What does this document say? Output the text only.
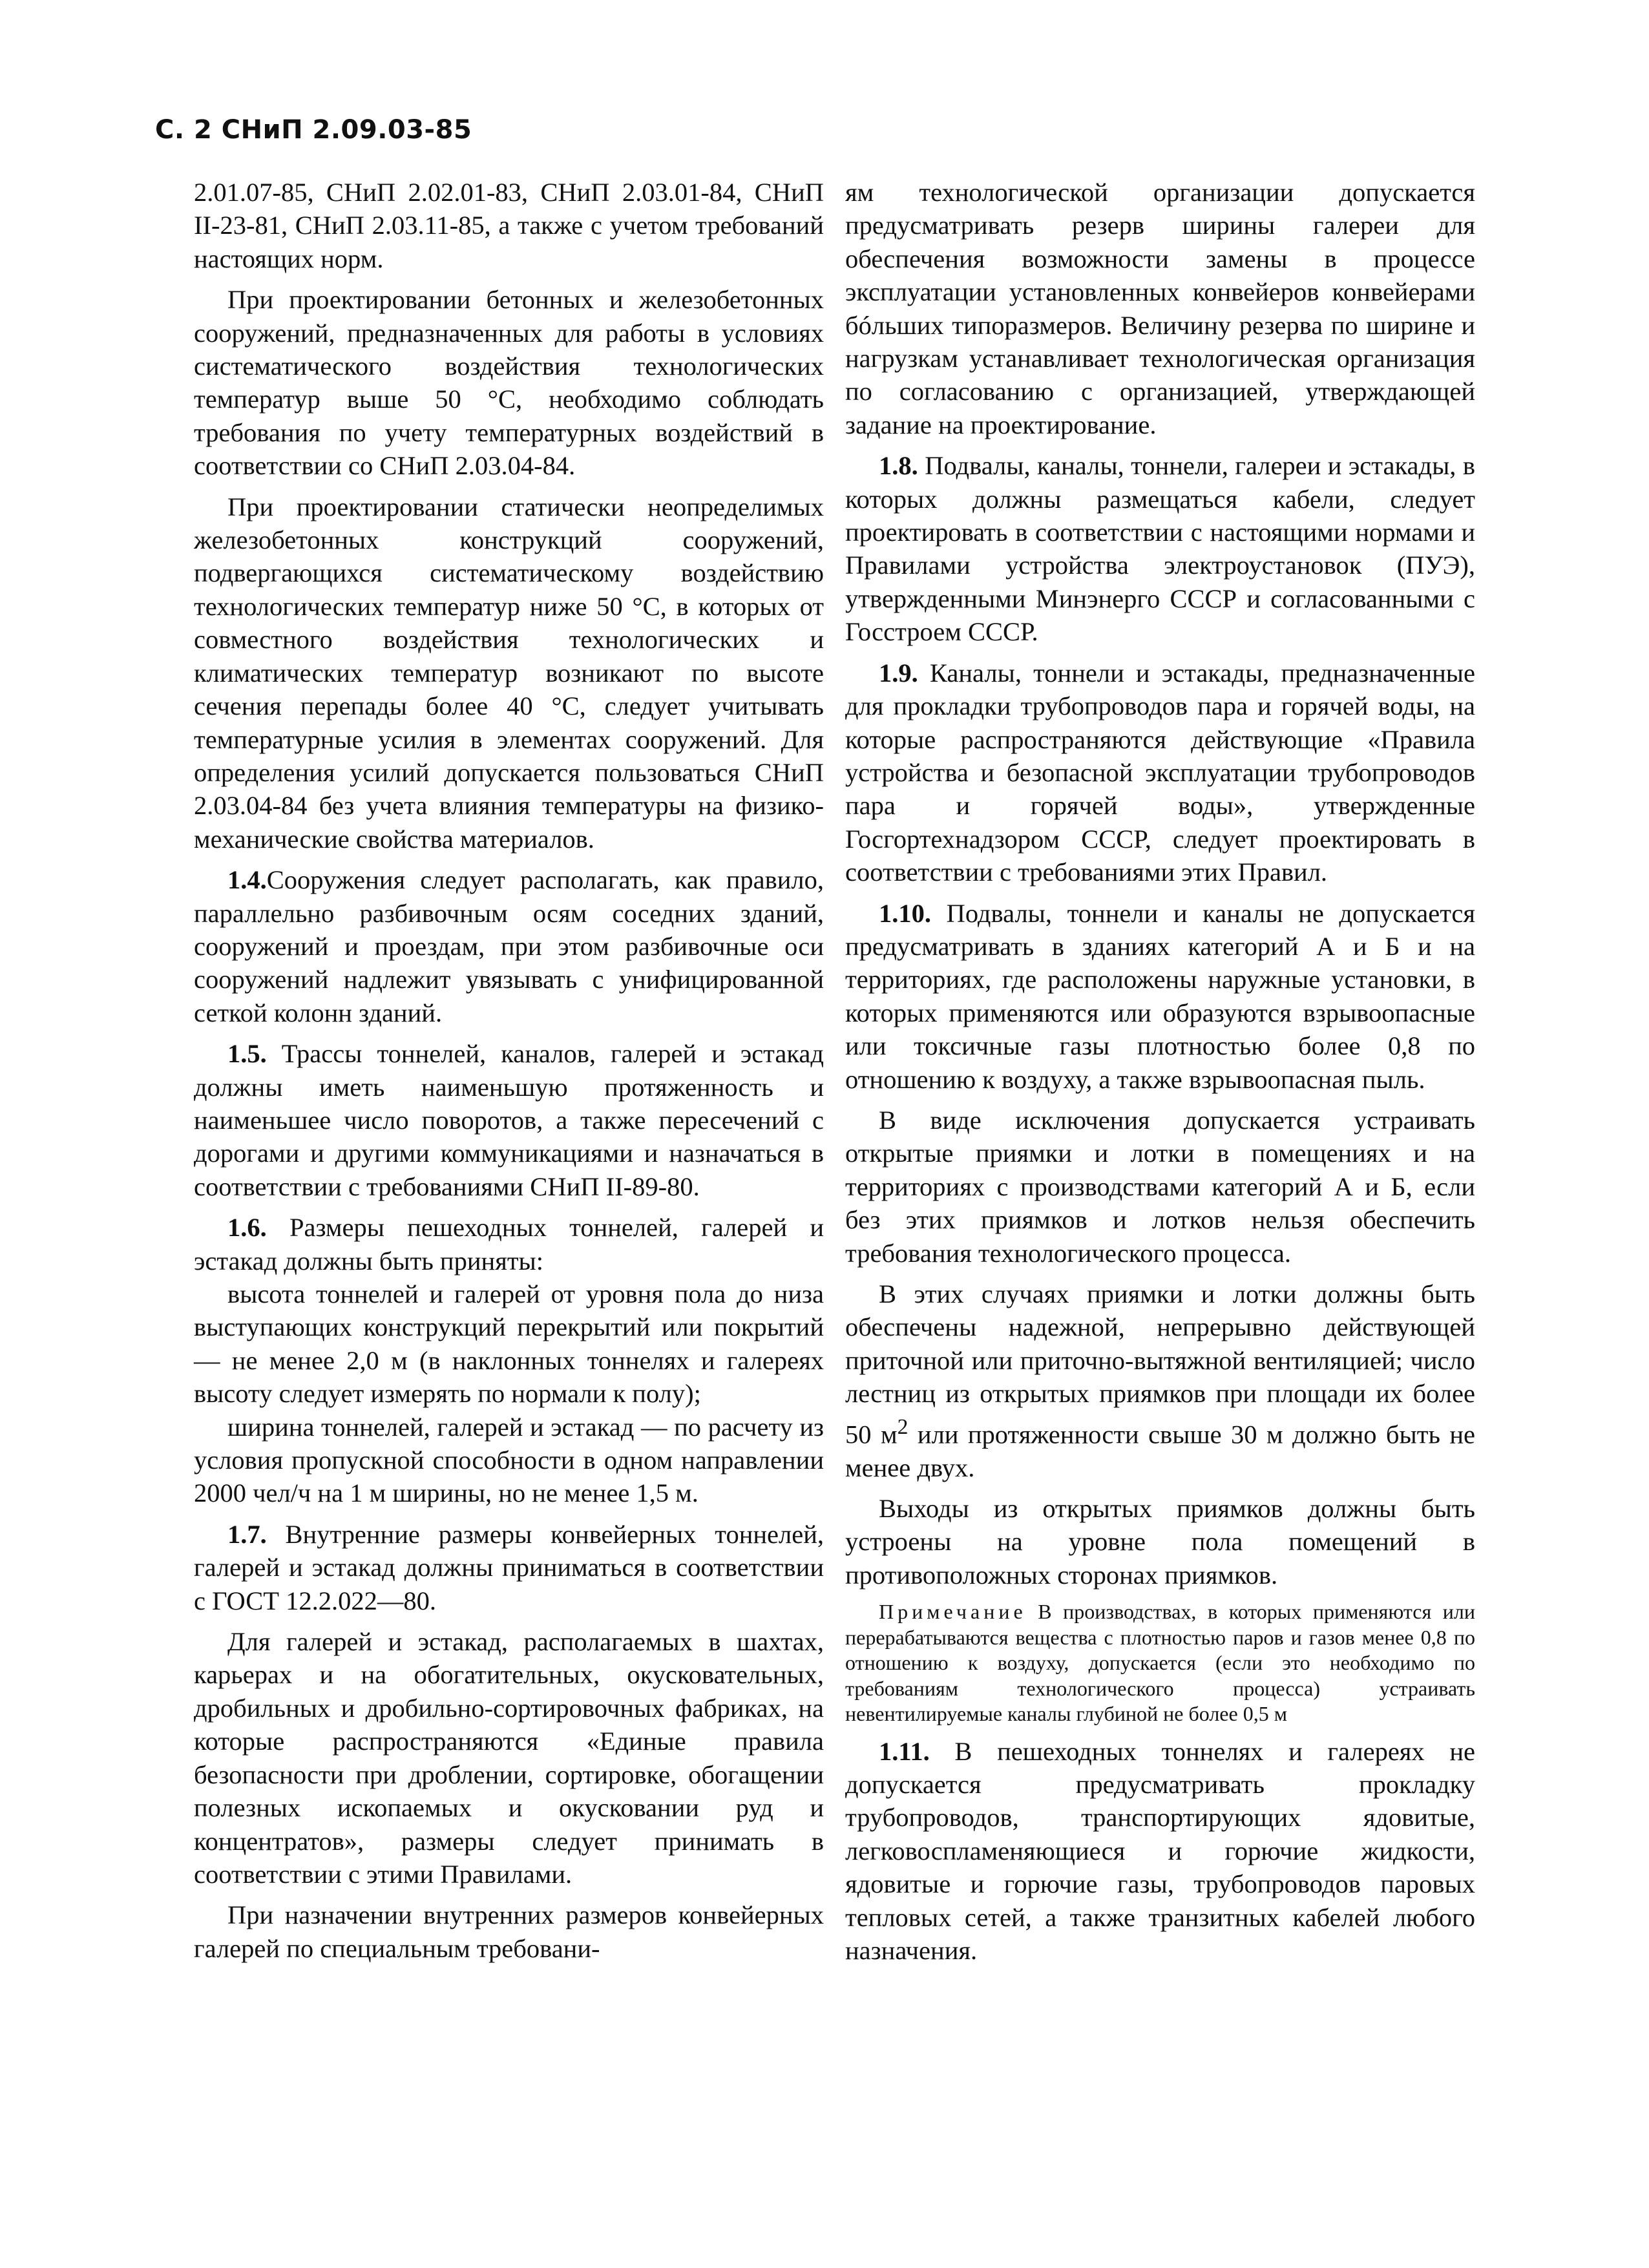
С. 2 СНиП 2.09.03-85

2.01.07-85, СНиП 2.02.01-83, СНиП 2.03.01-84, СНиП II-23-81, СНиП 2.03.11-85, а также с учетом требований настоящих норм.

При проектировании бетонных и железобетонных сооружений, предназначенных для работы в условиях систематического воздействия технологических температур выше 50 °С, необходимо соблюдать требования по учету температурных воздействий в соответствии со СНиП 2.03.04-84.

При проектировании статически неопределимых железобетонных конструкций сооружений, подвергающихся систематическому воздействию технологических температур ниже 50 °С, в которых от совместного воздействия технологических и климатических температур возникают по высоте сечения перепады более 40 °С, следует учитывать температурные усилия в элементах сооружений. Для определения усилий допускается пользоваться СНиП 2.03.04-84 без учета влияния температуры на физико-механические свойства материалов.

1.4.Сооружения следует располагать, как правило, параллельно разбивочным осям соседних зданий, сооружений и проездам, при этом разбивочные оси сооружений надлежит увязывать с унифицированной сеткой колонн зданий.

1.5. Трассы тоннелей, каналов, галерей и эстакад должны иметь наименьшую протяженность и наименьшее число поворотов, а также пересечений с дорогами и другими коммуникациями и назначаться в соответствии с требованиями СНиП II-89-80.

1.6. Размеры пешеходных тоннелей, галерей и эстакад должны быть приняты:

высота тоннелей и галерей от уровня пола до низа выступающих конструкций перекрытий или покрытий — не менее 2,0 м (в наклонных тоннелях и галереях высоту следует измерять по нормали к полу);

ширина тоннелей, галерей и эстакад — по расчету из условия пропускной способности в одном направлении 2000 чел/ч на 1 м ширины, но не менее 1,5 м.

1.7. Внутренние размеры конвейерных тоннелей, галерей и эстакад должны приниматься в соответствии с ГОСТ 12.2.022—80.

Для галерей и эстакад, располагаемых в шахтах, карьерах и на обогатительных, окусковательных, дробильных и дробильно-сортировочных фабриках, на которые распространяются «Единые правила безопасности при дроблении, сортировке, обогащении полезных ископаемых и окусковании руд и концентратов», размеры следует принимать в соответствии с этими Правилами.

При назначении внутренних размеров конвейерных галерей по специальным требовани-

ям технологической организации допускается предусматривать резерв ширины галереи для обеспечения возможности замены в процессе эксплуатации установленных конвейеров конвейерами бóльших типоразмеров. Величину резерва по ширине и нагрузкам устанавливает технологическая организация по согласованию с организацией, утверждающей задание на проектирование.

1.8. Подвалы, каналы, тоннели, галереи и эстакады, в которых должны размещаться кабели, следует проектировать в соответствии с настоящими нормами и Правилами устройства электроустановок (ПУЭ), утвержденными Минэнерго СССР и согласованными с Госстроем СССР.

1.9. Каналы, тоннели и эстакады, предназначенные для прокладки трубопроводов пара и горячей воды, на которые распространяются действующие «Правила устройства и безопасной эксплуатации трубопроводов пара и горячей воды», утвержденные Госгортехнадзором СССР, следует проектировать в соответствии с требованиями этих Правил.

1.10. Подвалы, тоннели и каналы не допускается предусматривать в зданиях категорий А и Б и на территориях, где расположены наружные установки, в которых применяются или образуются взрывоопасные или токсичные газы плотностью более 0,8 по отношению к воздуху, а также взрывоопасная пыль.

В виде исключения допускается устраивать открытые приямки и лотки в помещениях и на территориях с производствами категорий А и Б, если без этих приямков и лотков нельзя обеспечить требования технологического процесса.

В этих случаях приямки и лотки должны быть обеспечены надежной, непрерывно действующей приточной или приточно-вытяжной вентиляцией; число лестниц из открытых приямков при площади их более 50 $м^2$ или протяженности свыше 30 м должно быть не менее двух.

Выходы из открытых приямков должны быть устроены на уровне пола помещений в противоположных сторонах приямков.

Примечание В производствах, в которых применяются или перерабатываются вещества с плотностью паров и газов менее 0,8 по отношению к воздуху, допускается (если это необходимо по требованиям технологического процесса) устраивать невентилируемые каналы глубиной не более 0,5 м

1.11. В пешеходных тоннелях и галереях не допускается предусматривать прокладку трубопроводов, транспортирующих ядовитые, легковоспламеняющиеся и горючие жидкости, ядовитые и горючие газы, трубопроводов паровых тепловых сетей, а также транзитных кабелей любого назначения.
